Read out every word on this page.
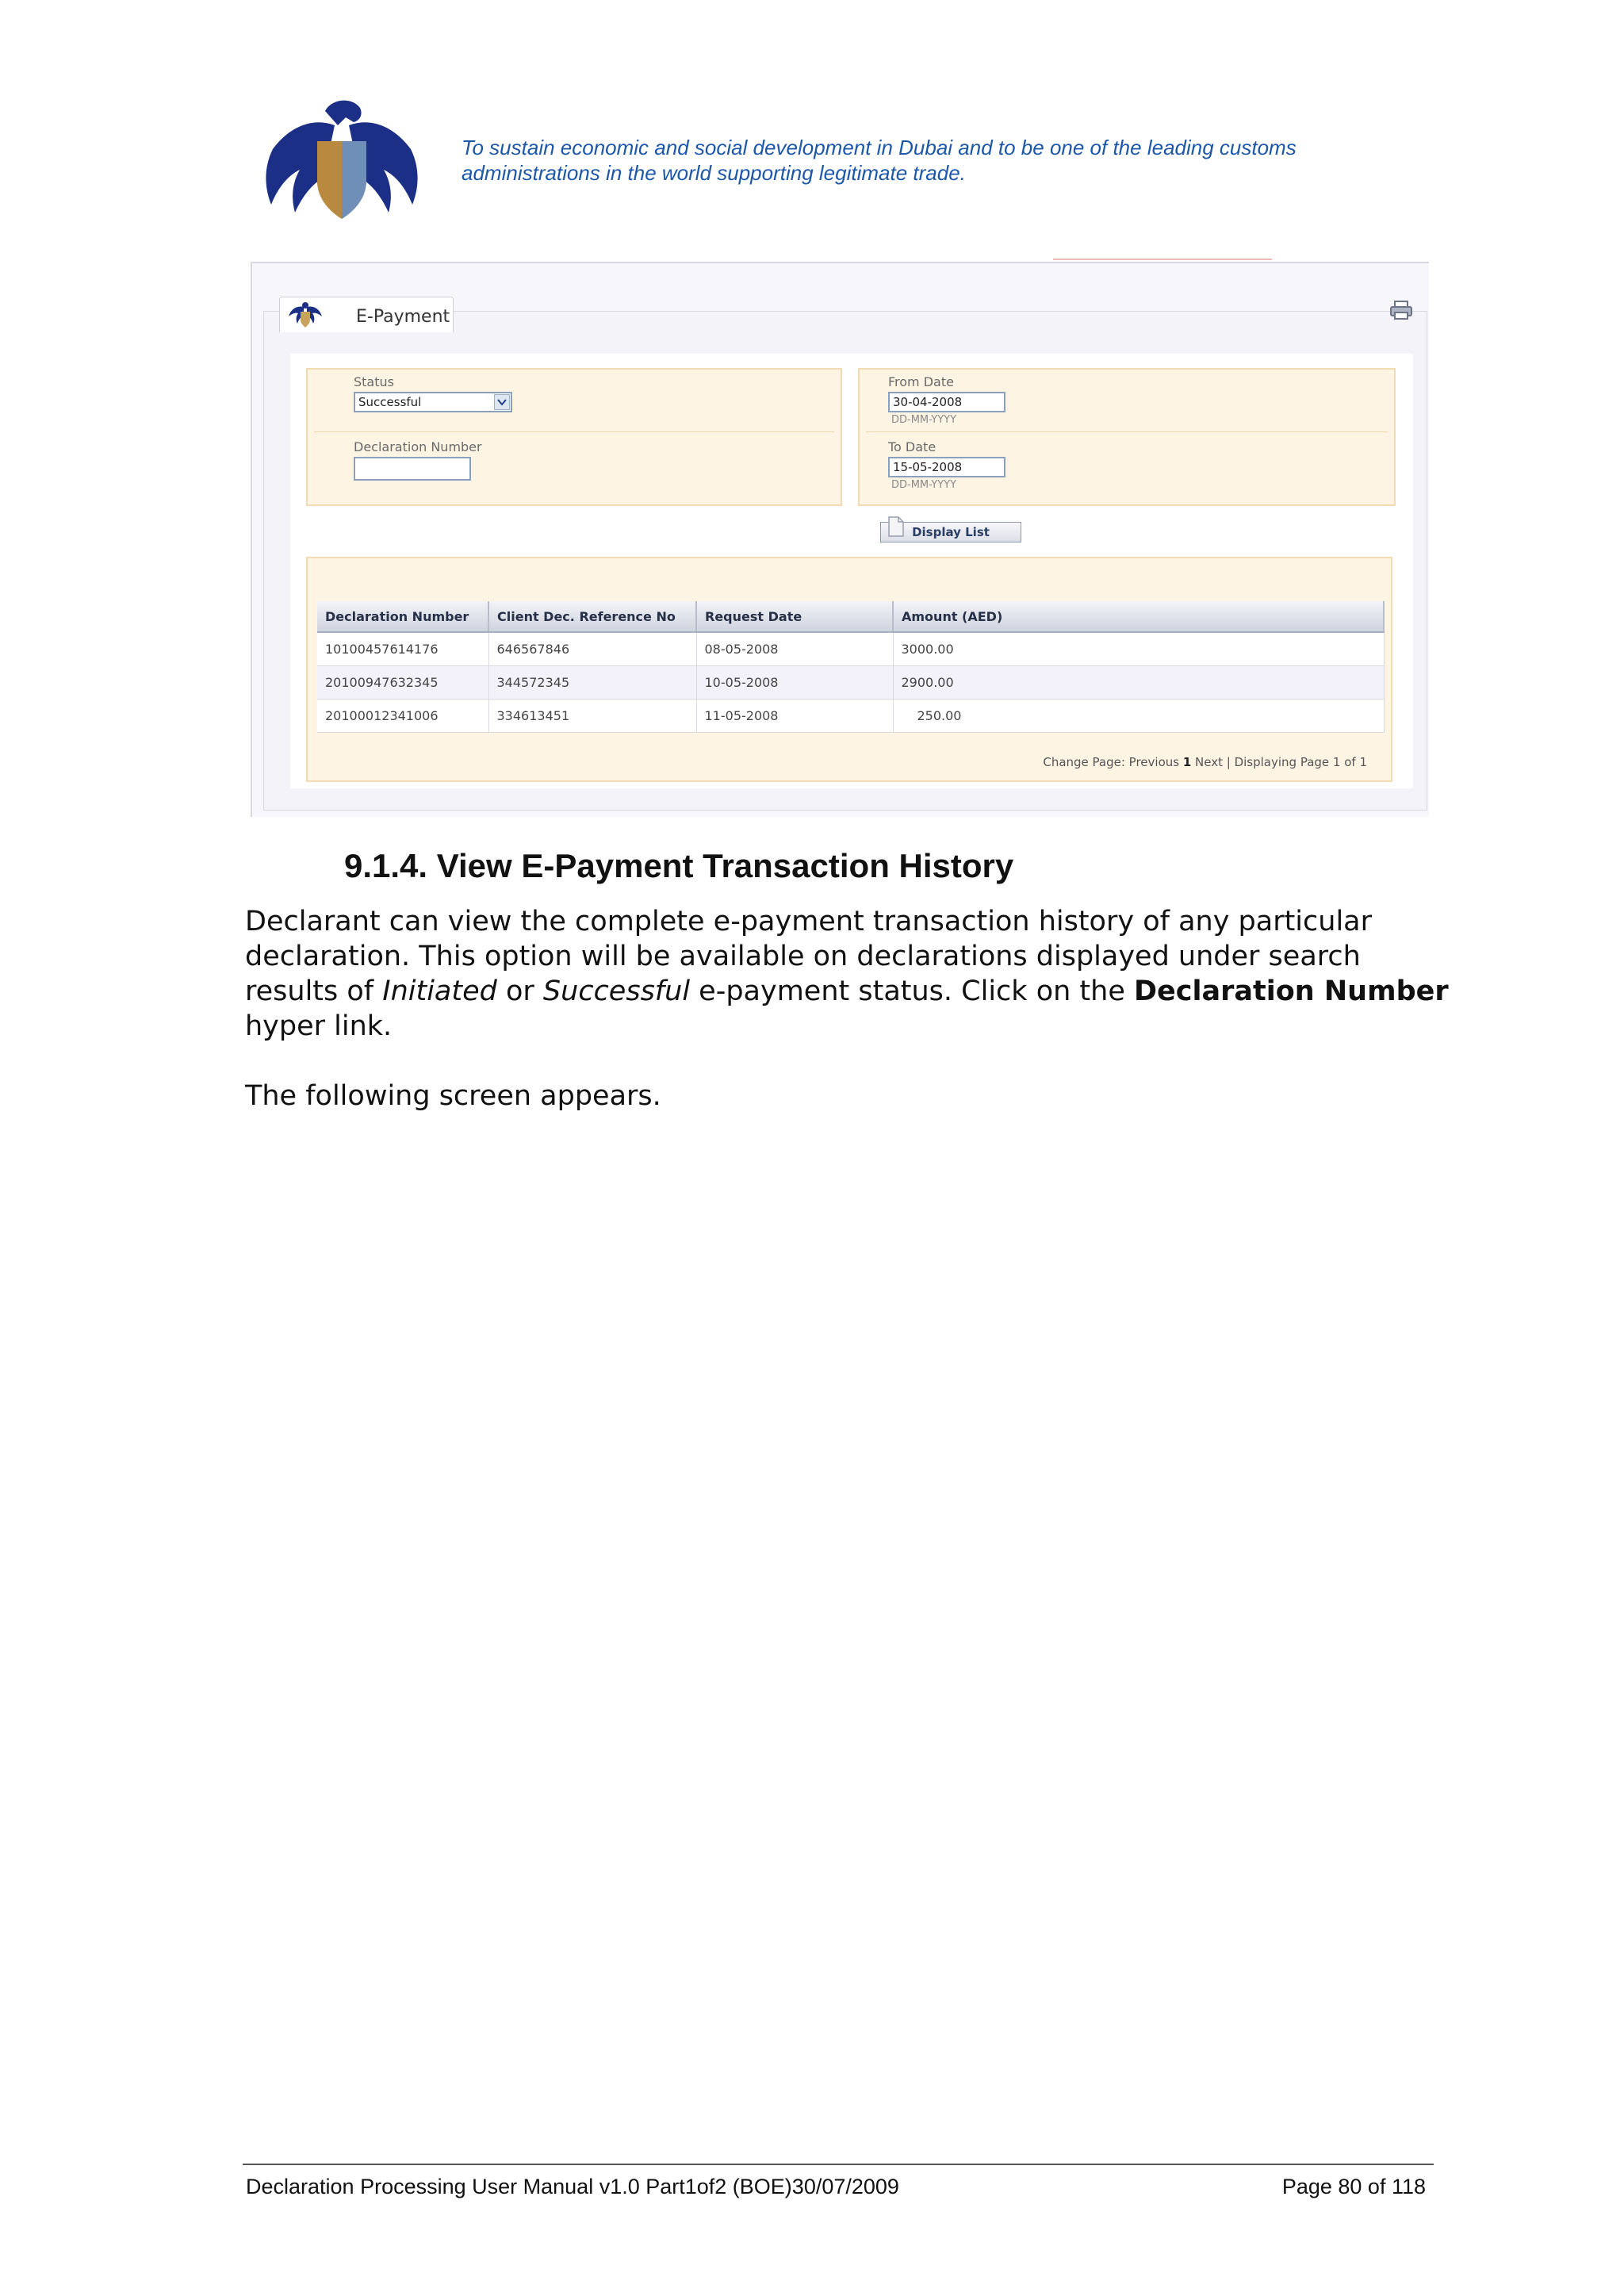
To sustain economic and social development in Dubai and to be one of the leading customs
administrations in the world supporting legitimate trade.
E-Payment
Status
Successful
Declaration Number
From Date
30-04-2008
DD-MM-YYYY
To Date
15-05-2008
DD-MM-YYYY
Display List
Declaration Number	Client Dec. Reference No	Request Date	Amount (AED)
10100457614176	646567846	08-05-2008	3000.00
20100947632345	344572345	10-05-2008	2900.00
20100012341006	334613451	11-05-2008	250.00
Change Page: Previous 1 Next | Displaying Page 1 of 1
9.1.4. View E-Payment Transaction History
Declarant can view the complete e-payment transaction history of any particular
declaration. This option will be available on declarations displayed under search
results of Initiated or Successful e-payment status. Click on the Declaration Number
hyper link.
The following screen appears.
Declaration Processing User Manual v1.0 Part1of2 (BOE)30/07/2009	Page 80 of 118
